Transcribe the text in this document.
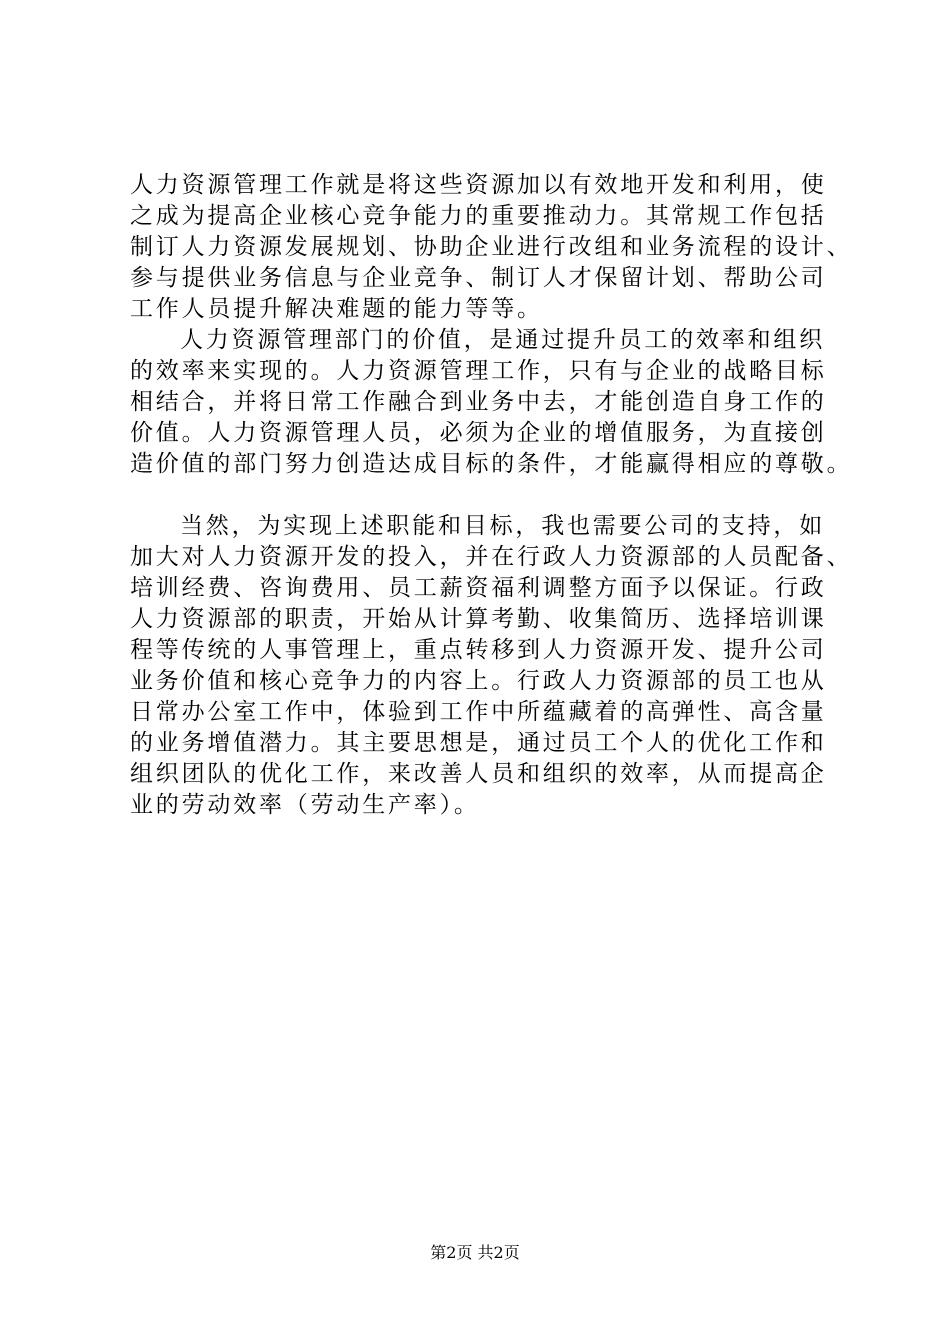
人力资源管理工作就是将这些资源加以有效地开发和利用，使
之成为提高企业核心竞争能力的重要推动力。其常规工作包括
制订人力资源发展规划、协助企业进行改组和业务流程的设计、
参与提供业务信息与企业竞争、制订人才保留计划、帮助公司
工作人员提升解决难题的能力等等。
人力资源管理部门的价值，是通过提升员工的效率和组织
的效率来实现的。人力资源管理工作，只有与企业的战略目标
相结合，并将日常工作融合到业务中去，才能创造自身工作的
价值。人力资源管理人员，必须为企业的增值服务，为直接创
造价值的部门努力创造达成目标的条件，才能赢得相应的尊敬。
当然，为实现上述职能和目标，我也需要公司的支持，如
加大对人力资源开发的投入，并在行政人力资源部的人员配备、
培训经费、咨询费用、员工薪资福利调整方面予以保证。行政
人力资源部的职责，开始从计算考勤、收集简历、选择培训课
程等传统的人事管理上，重点转移到人力资源开发、提升公司
业务价值和核心竞争力的内容上。行政人力资源部的员工也从
日常办公室工作中，体验到工作中所蕴藏着的高弹性、高含量
的业务增值潜力。其主要思想是，通过员工个人的优化工作和
组织团队的优化工作，来改善人员和组织的效率，从而提高企
业的劳动效率（劳动生产率）。
第2页 共2页
